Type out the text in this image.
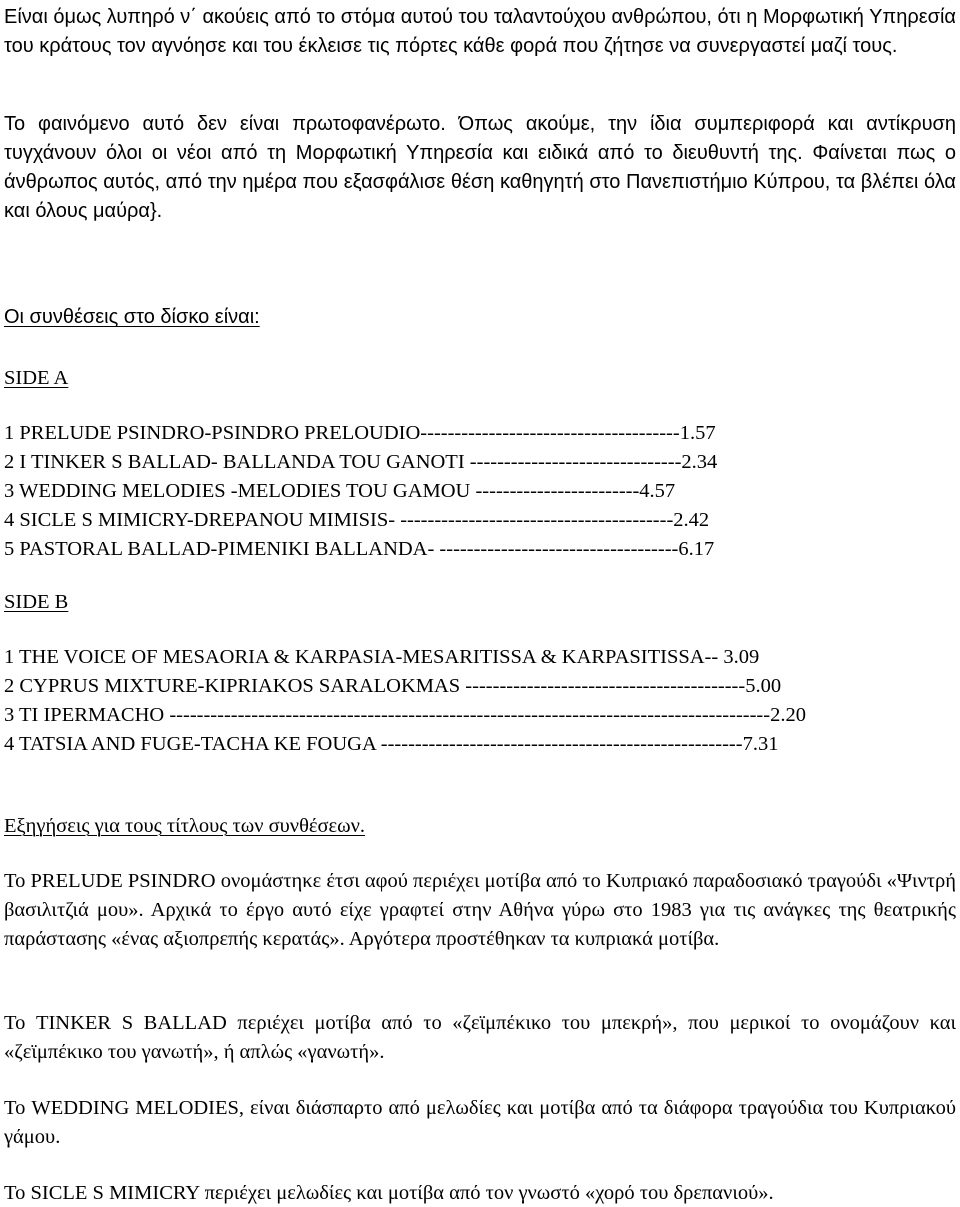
Είναι όμως λυπηρό ν΄ ακούεις από το στόμα αυτού του ταλαντούχου ανθρώπου, ότι η Μορφωτική Υπηρεσία του κράτους τον αγνόησε και του έκλεισε τις πόρτες κάθε φορά που ζήτησε να συνεργαστεί μαζί τους.

Το φαινόμενο αυτό δεν είναι πρωτοφανέρωτο. Όπως ακούμε, την ίδια συμπεριφορά και αντίκρυση τυγχάνουν όλοι οι νέοι από τη Μορφωτική Υπηρεσία και ειδικά από το διευθυντή της. Φαίνεται πως ο άνθρωπος αυτός, από την ημέρα που εξασφάλισε θέση καθηγητή στο Πανεπιστήμιο Κύπρου, τα βλέπει όλα και όλους μαύρα}.

Οι συνθέσεις στο δίσκο είναι:

SIDE A

1 PRELUDE PSINDRO-PSINDRO PRELOUDIO--------------------------------------1.57

2 I TINKER S BALLAD- BALLANDA TOU GANOTI -------------------------------2.34

3 WEDDING MELODIES -MELODIES TOU GAMOU ------------------------4.57

4 SICLE S MIMICRY-DREPANOU MIMISIS- ----------------------------------------2.42

5 PASTORAL BALLAD-PIMENIKI BALLANDA- -----------------------------------6.17

SIDE B

1 THE VOICE OF MESAORIA & KARPASIA-MESARITISSA & KARPASITISSA-- 3.09

2 CYPRUS MIXTURE-KIPRIAKOS SARALOKMAS -----------------------------------------5.00

3 TI IPERMACHO ----------------------------------------------------------------------------------------2.20

4 TATSIA AND FUGE-TACHA KE FOUGA -----------------------------------------------------7.31

Εξηγήσεις για τους τίτλους των συνθέσεων.

Το PRELUDE PSINDRO ονομάστηκε έτσι αφού περιέχει μοτίβα από το Κυπριακό παραδοσιακό τραγούδι «Ψιντρή βασιλιτζιά μου». Αρχικά το έργο αυτό είχε γραφτεί στην Αθήνα γύρω στο 1983 για τις ανάγκες της θεατρικής παράστασης «ένας αξιοπρεπής κερατάς». Αργότερα προστέθηκαν τα κυπριακά μοτίβα.

Το TINKER S BALLAD περιέχει μοτίβα από το «ζεϊμπέκικο του μπεκρή», που μερικοί το ονομάζουν και «ζεϊμπέκικο του γανωτή», ή απλώς «γανωτή».

Το WEDDING MELODIES, είναι διάσπαρτο από μελωδίες και μοτίβα από τα διάφορα τραγούδια του Κυπριακού γάμου.

Το SICLE S MIMICRY περιέχει μελωδίες και μοτίβα από τον γνωστό «χορό του δρεπανιού».
